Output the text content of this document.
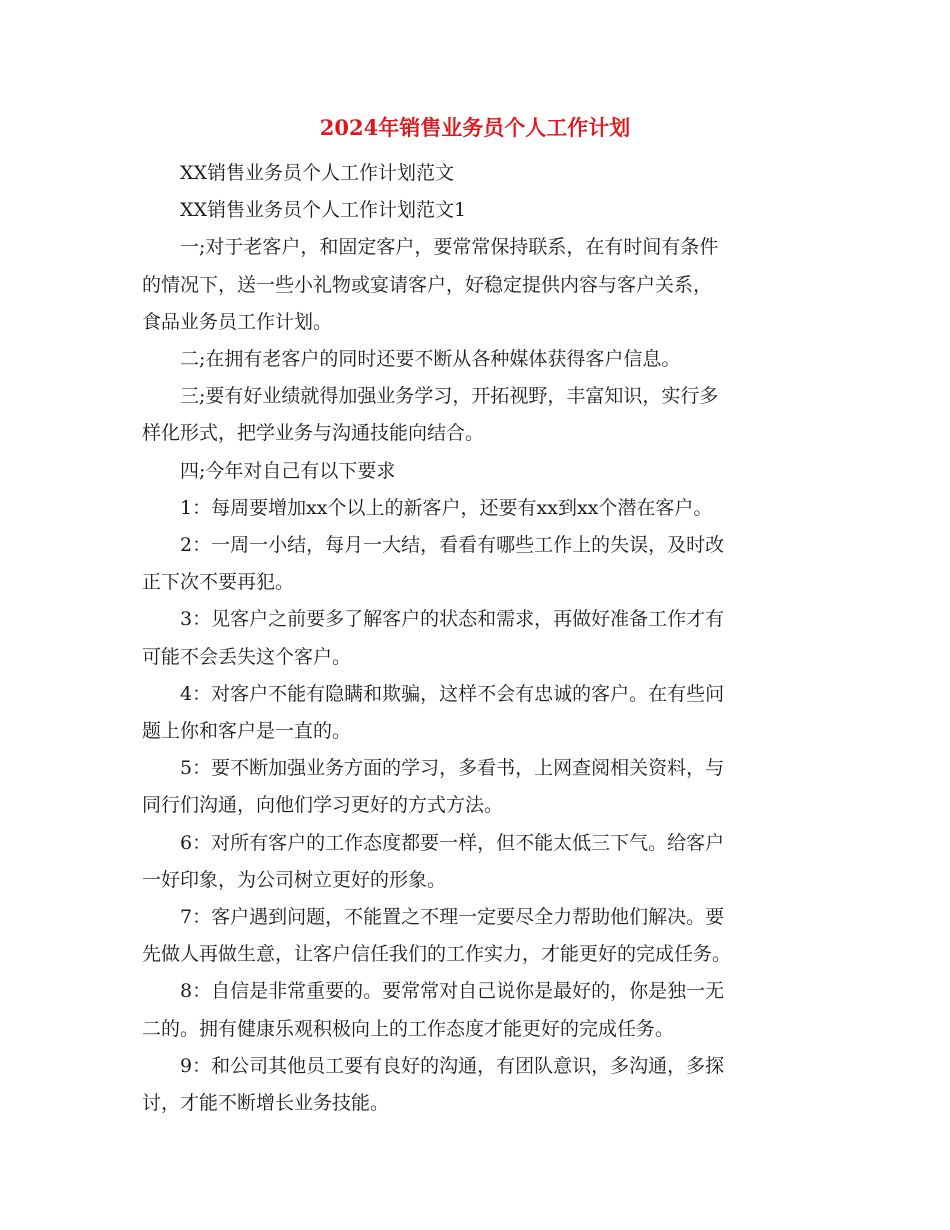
2024年销售业务员个人工作计划
XX销售业务员个人工作计划范文
XX销售业务员个人工作计划范文1
一;对于老客户，和固定客户，要常常保持联系，在有时间有条件
的情况下，送一些小礼物或宴请客户，好稳定提供内容与客户关系，
食品业务员工作计划。
二;在拥有老客户的同时还要不断从各种媒体获得客户信息。
三;要有好业绩就得加强业务学习，开拓视野，丰富知识，实行多
样化形式，把学业务与沟通技能向结合。
四;今年对自己有以下要求
1：每周要增加xx个以上的新客户，还要有xx到xx个潜在客户。
2：一周一小结，每月一大结，看看有哪些工作上的失误，及时改
正下次不要再犯。
3：见客户之前要多了解客户的状态和需求，再做好准备工作才有
可能不会丢失这个客户。
4：对客户不能有隐瞒和欺骗，这样不会有忠诚的客户。在有些问
题上你和客户是一直的。
5：要不断加强业务方面的学习，多看书，上网查阅相关资料，与
同行们沟通，向他们学习更好的方式方法。
6：对所有客户的工作态度都要一样，但不能太低三下气。给客户
一好印象，为公司树立更好的形象。
7：客户遇到问题，不能置之不理一定要尽全力帮助他们解决。要
先做人再做生意，让客户信任我们的工作实力，才能更好的完成任务。
8：自信是非常重要的。要常常对自己说你是最好的，你是独一无
二的。拥有健康乐观积极向上的工作态度才能更好的完成任务。
9：和公司其他员工要有良好的沟通，有团队意识，多沟通，多探
讨，才能不断增长业务技能。
